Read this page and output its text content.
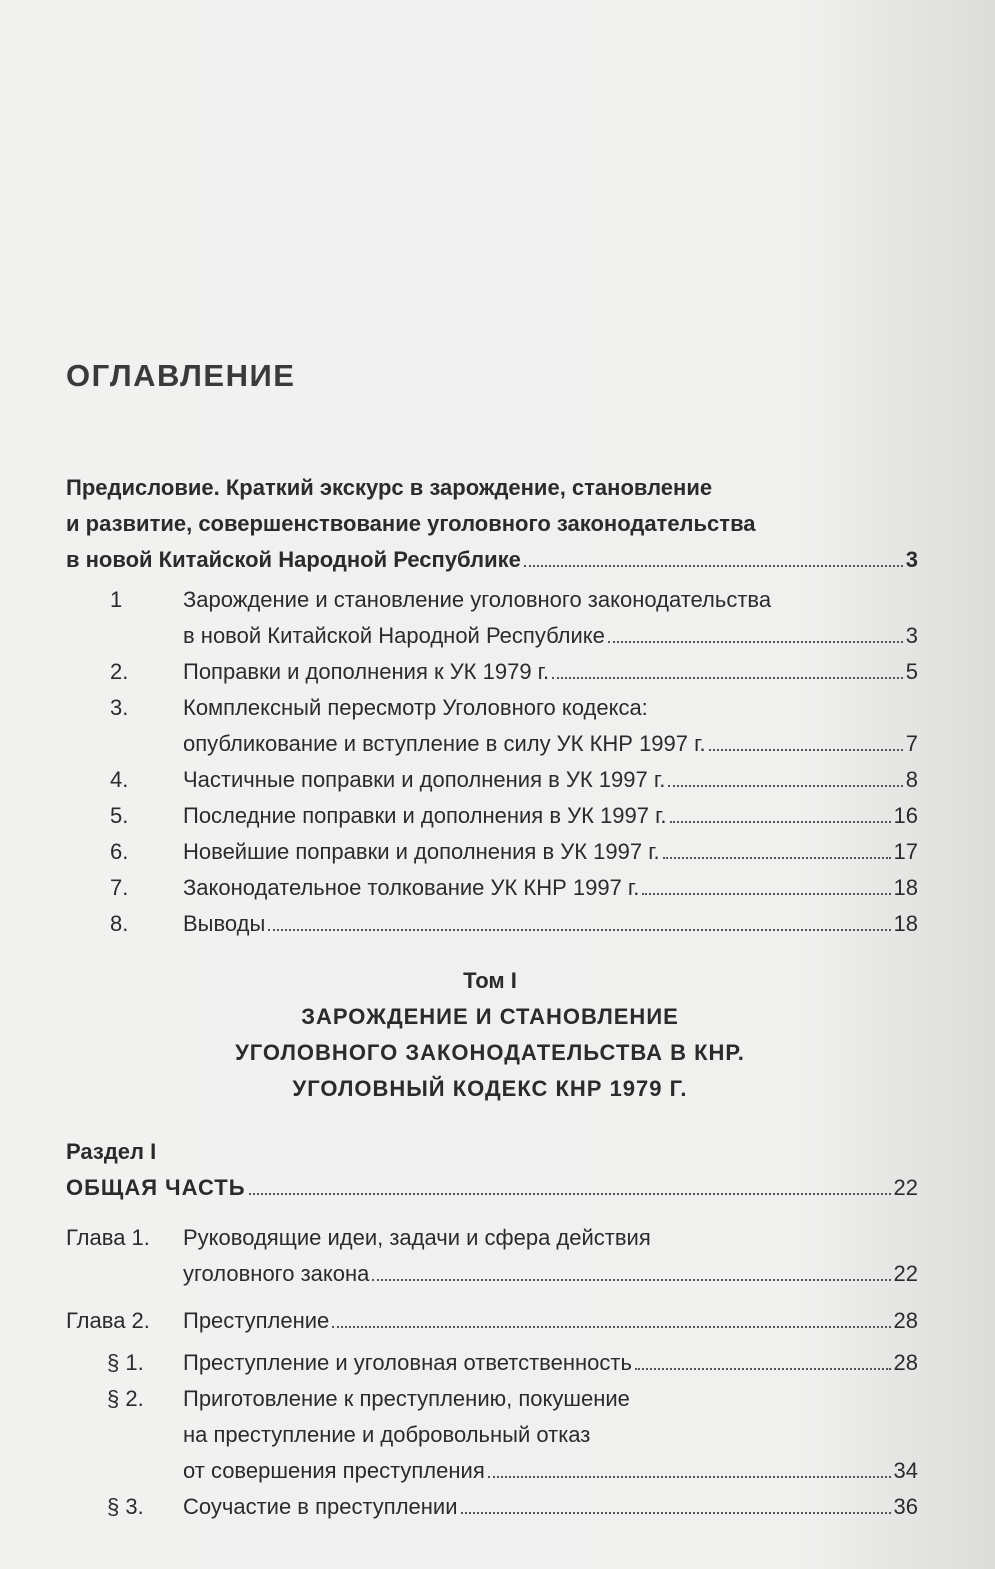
ОГЛАВЛЕНИЕ
Предисловие. Краткий экскурс в зарождение, становление
и развитие, совершенствование уголовного законодательства
в новой Китайской Народной Республике	3
1	Зарождение и становление уголовного законодательства
в новой Китайской Народной Республике	3
2. Поправки и дополнения к УК 1979 г.	5
3. Комплексный пересмотр Уголовного кодекса:
опубликование и вступление в силу УК КНР 1997 г.	7
4. Частичные поправки и дополнения в УК 1997 г.	8
5. Последние поправки и дополнения в УК 1997 г.	16
6. Новейшие поправки и дополнения в УК 1997 г.	17
7. Законодательное толкование УК КНР 1997 г.	18
8. Выводы	18
Том I
ЗАРОЖДЕНИЕ И СТАНОВЛЕНИЕ
УГОЛОВНОГО ЗАКОНОДАТЕЛЬСТВА В КНР.
УГОЛОВНЫЙ КОДЕКС КНР 1979 Г.
Раздел I
ОБЩАЯ ЧАСТЬ	22
Глава 1. Руководящие идеи, задачи и сфера действия
уголовного закона	22
Глава 2. Преступление	28
§ 1. Преступление и уголовная ответственность	28
§ 2. Приготовление к преступлению, покушение
на преступление и добровольный отказ
от совершения преступления	34
§ 3. Соучастие в преступлении	36
